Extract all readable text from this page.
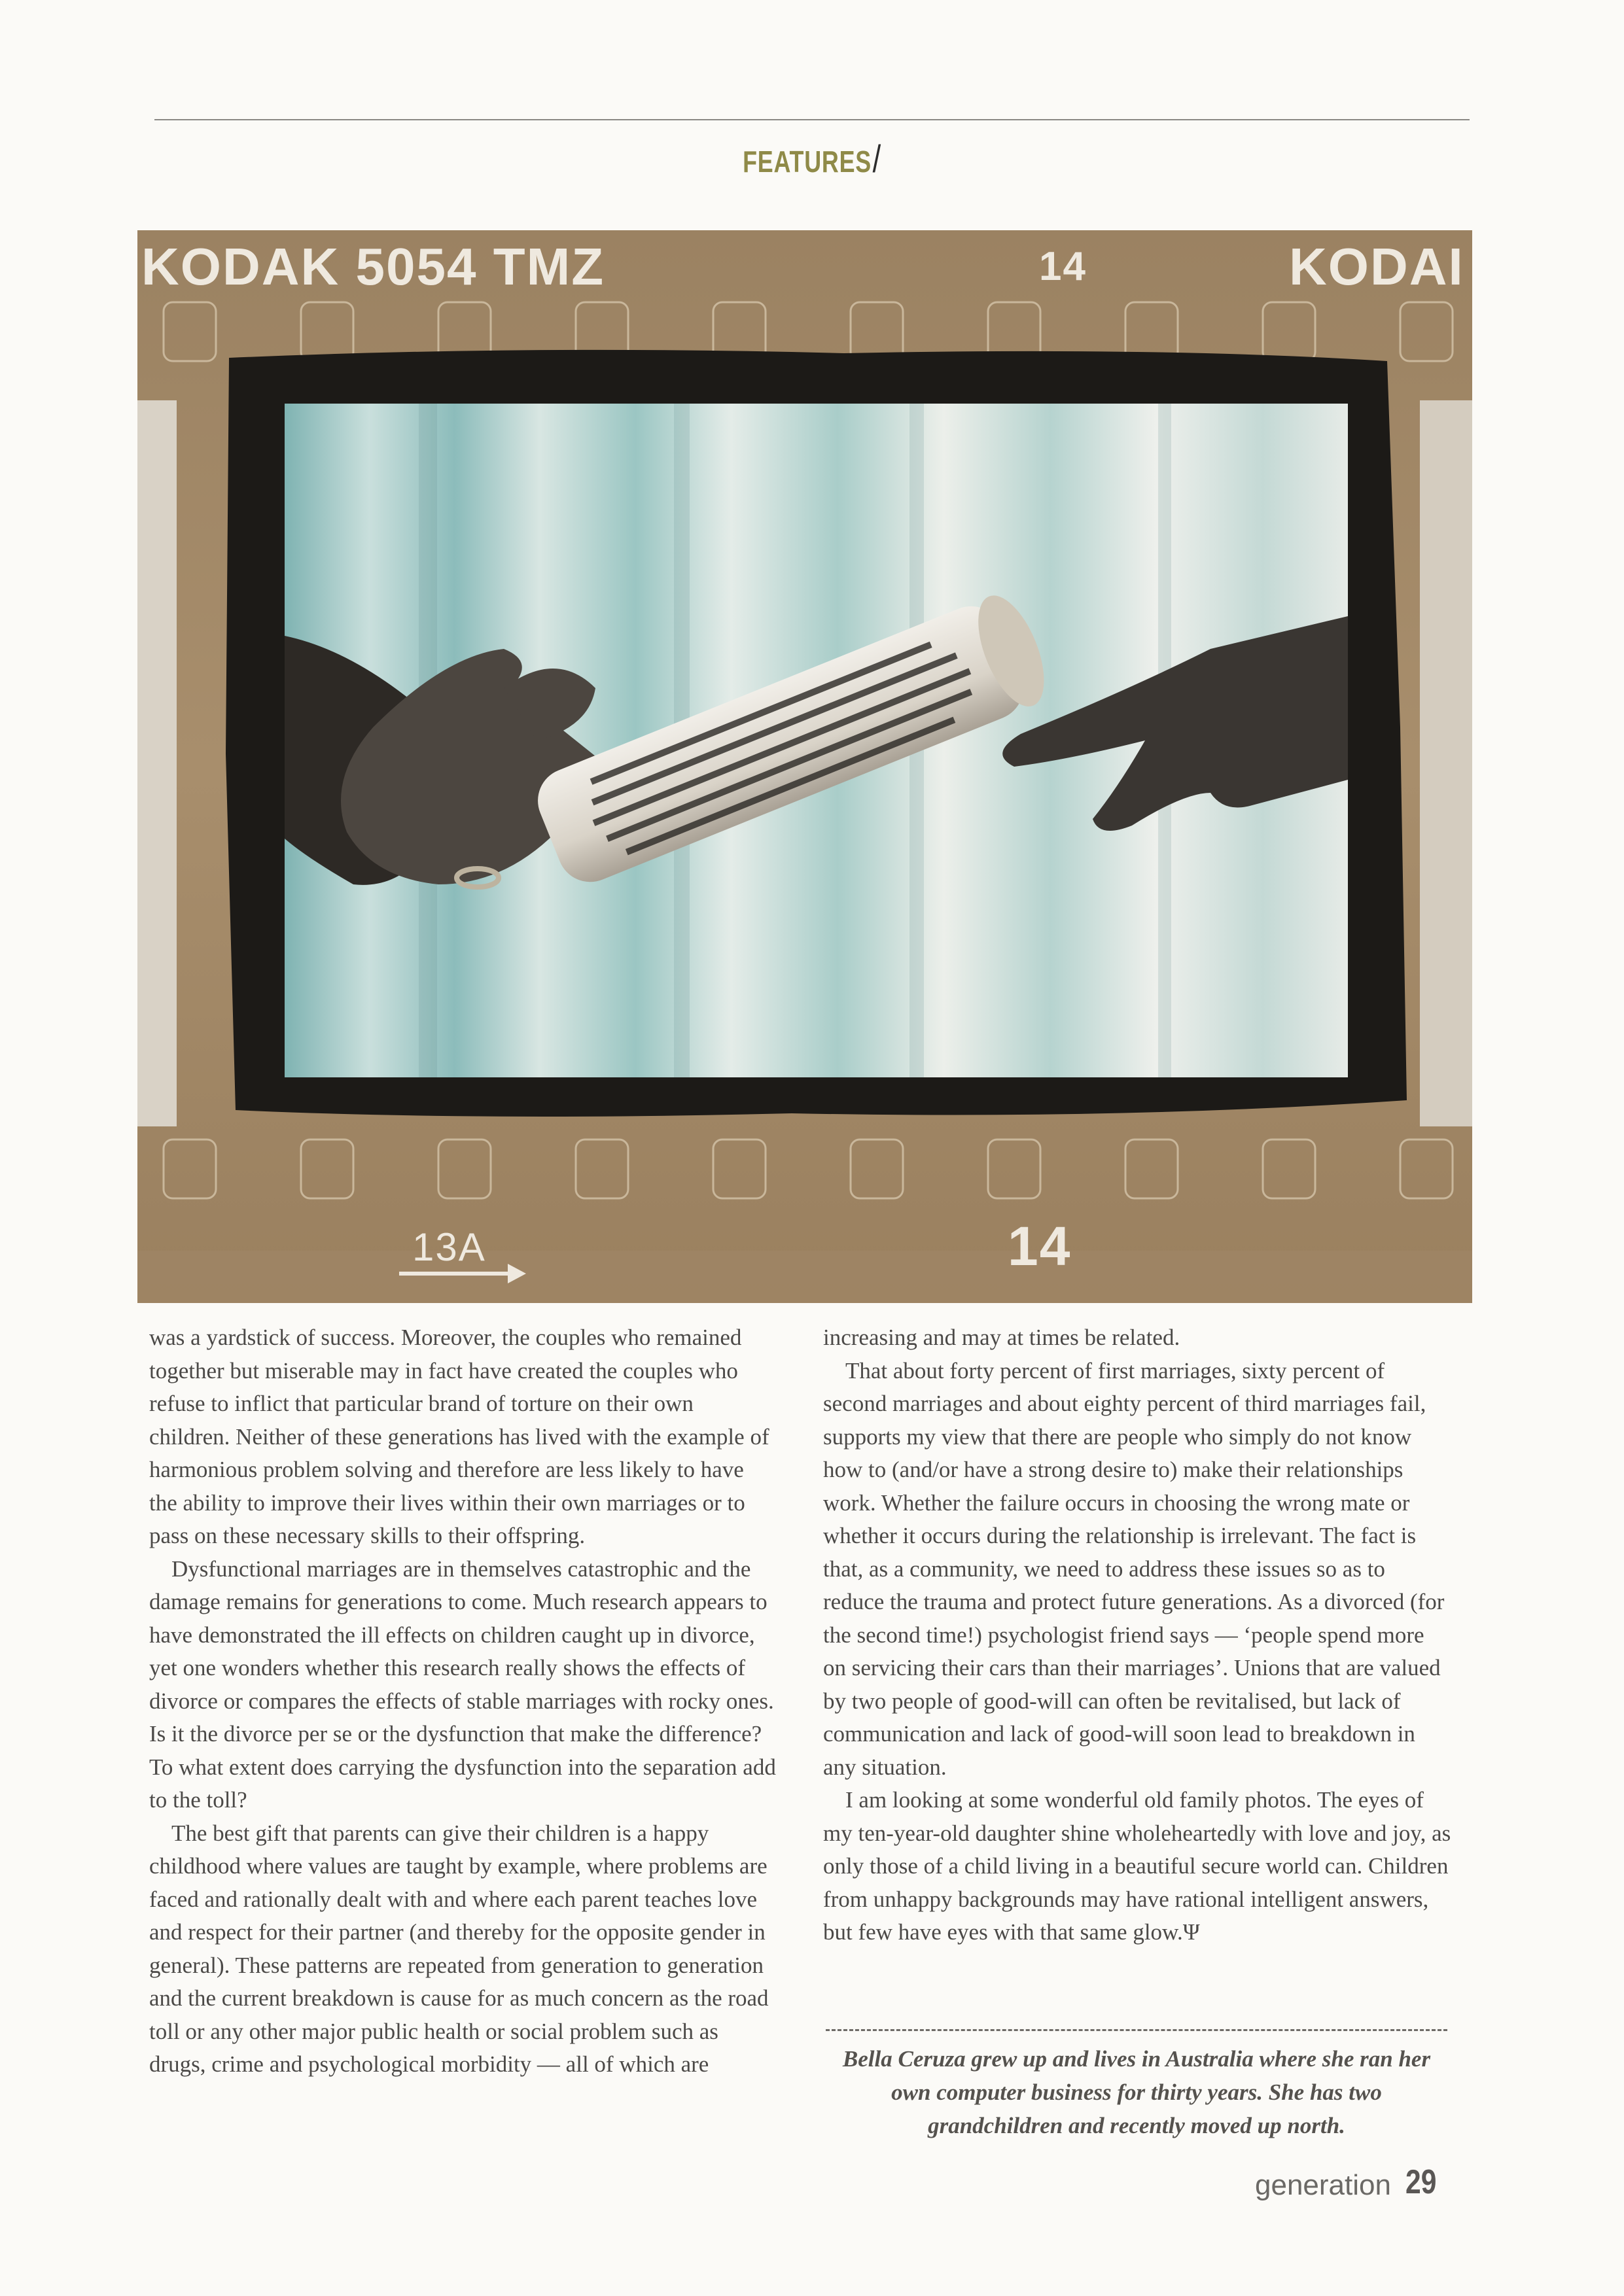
FEATURES/
KODAK 5054 TMZ	14	KODAI
13A	14

was a yardstick of success. Moreover, the couples who remained together but miserable may in fact have created the couples who refuse to inflict that particular brand of torture on their own children. Neither of these generations has lived with the example of harmonious problem solving and therefore are less likely to have the ability to improve their lives within their own marriages or to pass on these necessary skills to their offspring.

Dysfunctional marriages are in themselves catastrophic and the damage remains for generations to come. Much research appears to have demonstrated the ill effects on children caught up in divorce, yet one wonders whether this research really shows the effects of divorce or compares the effects of stable marriages with rocky ones. Is it the divorce per se or the dysfunction that make the difference? To what extent does carrying the dysfunction into the separation add to the toll?

The best gift that parents can give their children is a happy childhood where values are taught by example, where problems are faced and rationally dealt with and where each parent teaches love and respect for their partner (and thereby for the opposite gender in general). These patterns are repeated from generation to generation and the current breakdown is cause for as much concern as the road toll or any other major public health or social problem such as drugs, crime and psychological morbidity — all of which are

increasing and may at times be related.

That about forty percent of first marriages, sixty percent of second marriages and about eighty percent of third marriages fail, supports my view that there are people who simply do not know how to (and/or have a strong desire to) make their relationships work. Whether the failure occurs in choosing the wrong mate or whether it occurs during the relationship is irrelevant. The fact is that, as a community, we need to address these issues so as to reduce the trauma and protect future generations. As a divorced (for the second time!) psychologist friend says — ‘people spend more on servicing their cars than their marriages’. Unions that are valued by two people of good-will can often be revitalised, but lack of communication and lack of good-will soon lead to breakdown in any situation.

I am looking at some wonderful old family photos. The eyes of my ten-year-old daughter shine wholeheartedly with love and joy, as only those of a child living in a beautiful secure world can. Children from unhappy backgrounds may have rational intelligent answers, but few have eyes with that same glow.Ψ

Bella Ceruza grew up and lives in Australia where she ran her own computer business for thirty years. She has two grandchildren and recently moved up north.
generation 29
